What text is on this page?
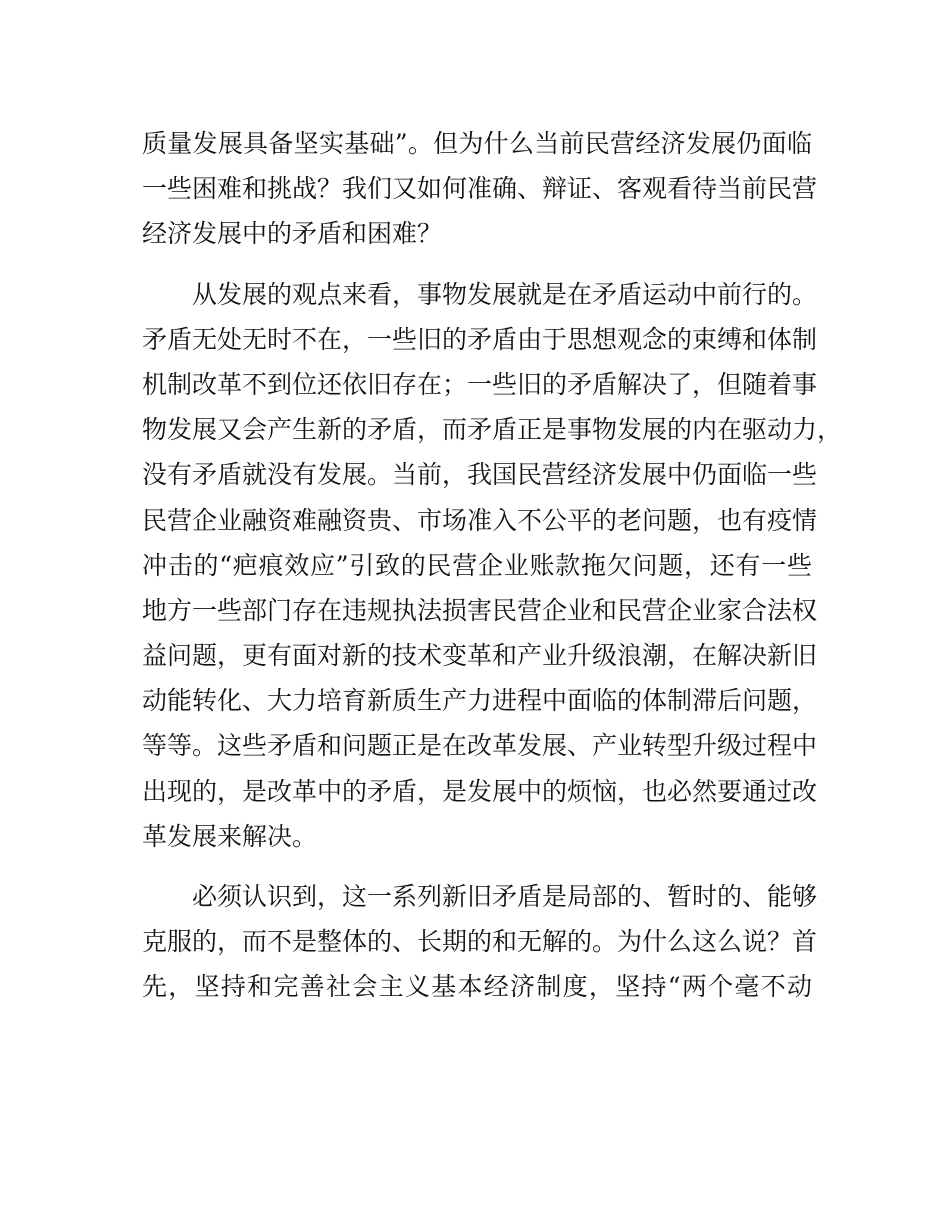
质量发展具备坚实基础”。但为什么当前民营经济发展仍面临
一些困难和挑战？我们又如何准确、辩证、客观看待当前民营
经济发展中的矛盾和困难？
从发展的观点来看，事物发展就是在矛盾运动中前行的。
矛盾无处无时不在，一些旧的矛盾由于思想观念的束缚和体制
机制改革不到位还依旧存在；一些旧的矛盾解决了，但随着事
物发展又会产生新的矛盾，而矛盾正是事物发展的内在驱动力，
没有矛盾就没有发展。当前，我国民营经济发展中仍面临一些
民营企业融资难融资贵、市场准入不公平的老问题，也有疫情
冲击的“疤痕效应”引致的民营企业账款拖欠问题，还有一些
地方一些部门存在违规执法损害民营企业和民营企业家合法权
益问题，更有面对新的技术变革和产业升级浪潮，在解决新旧
动能转化、大力培育新质生产力进程中面临的体制滞后问题，
等等。这些矛盾和问题正是在改革发展、产业转型升级过程中
出现的，是改革中的矛盾，是发展中的烦恼，也必然要通过改
革发展来解决。
必须认识到，这一系列新旧矛盾是局部的、暂时的、能够
克服的，而不是整体的、长期的和无解的。为什么这么说？首
先，坚持和完善社会主义基本经济制度，坚持“两个毫不动
